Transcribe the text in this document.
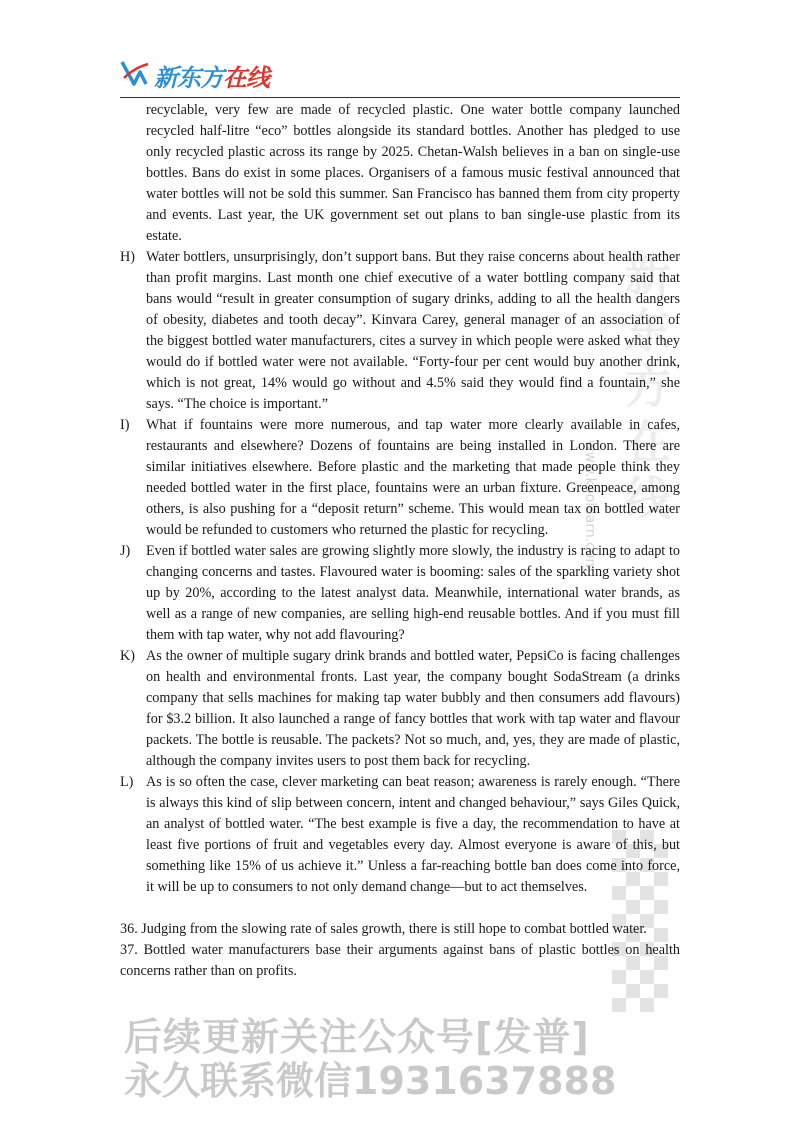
新东方在线
新东方在线
www.koolearn.com
recyclable, very few are made of recycled plastic. One water bottle company launched recycled half-litre “eco” bottles alongside its standard bottles. Another has pledged to use only recycled plastic across its range by 2025. Chetan-Walsh believes in a ban on single-use bottles. Bans do exist in some places. Organisers of a famous music festival announced that water bottles will not be sold this summer. San Francisco has banned them from city property and events. Last year, the UK government set out plans to ban single-use plastic from its estate.
H) Water bottlers, unsurprisingly, don’t support bans. But they raise concerns about health rather than profit margins. Last month one chief executive of a water bottling company said that bans would “result in greater consumption of sugary drinks, adding to all the health dangers of obesity, diabetes and tooth decay”. Kinvara Carey, general manager of an association of the biggest bottled water manufacturers, cites a survey in which people were asked what they would do if bottled water were not available. “Forty-four per cent would buy another drink, which is not great, 14% would go without and 4.5% said they would find a fountain,” she says. “The choice is important.”
I)	What if fountains were more numerous, and tap water more clearly available in cafes, restaurants and elsewhere? Dozens of fountains are being installed in London. There are similar initiatives elsewhere. Before plastic and the marketing that made people think they needed bottled water in the first place, fountains were an urban fixture. Greenpeace, among others, is also pushing for a “deposit return” scheme. This would mean tax on bottled water would be refunded to customers who returned the plastic for recycling.
J)	Even if bottled water sales are growing slightly more slowly, the industry is racing to adapt to changing concerns and tastes. Flavoured water is booming: sales of the sparkling variety shot up by 20%, according to the latest analyst data. Meanwhile, international water brands, as well as a range of new companies, are selling high-end reusable bottles. And if you must fill them with tap water, why not add flavouring?
K) As the owner of multiple sugary drink brands and bottled water, PepsiCo is facing challenges on health and environmental fronts. Last year, the company bought SodaStream (a drinks company that sells machines for making tap water bubbly and then consumers add flavours) for $3.2 billion. It also launched a range of fancy bottles that work with tap water and flavour packets. The bottle is reusable. The packets? Not so much, and, yes, they are made of plastic, although the company invites users to post them back for recycling.
L) As is so often the case, clever marketing can beat reason; awareness is rarely enough. “There is always this kind of slip between concern, intent and changed behaviour,” says Giles Quick, an analyst of bottled water. “The best example is five a day, the recommendation to have at least five portions of fruit and vegetables every day. Almost everyone is aware of this, but something like 15% of us achieve it.” Unless a far-reaching bottle ban does come into force, it will be up to consumers to not only demand change—but to act themselves.
36. Judging from the slowing rate of sales growth, there is still hope to combat bottled water.
37. Bottled water manufacturers base their arguments against bans of plastic bottles on health concerns rather than on profits.
后续更新关注公众号[发普]
永久联系微信1931637888
